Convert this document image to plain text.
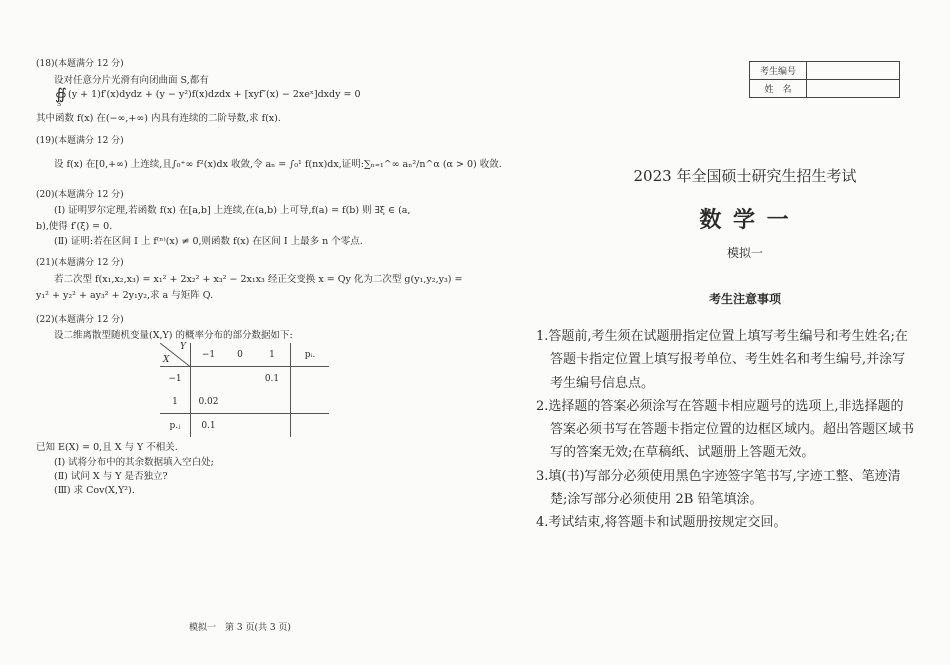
(18)(本题满分 12 分)
设对任意分片光滑有向闭曲面 S,都有
∯
S
(y + 1)f′(x)dydz + (y − y²)f(x)dzdx + [xyf″(x) − 2xeˣ]dxdy = 0
其中函数 f(x) 在(−∞,+∞) 内具有连续的二阶导数,求 f(x).
(19)(本题满分 12 分)
设 f(x) 在[0,+∞) 上连续,且∫₀⁺∞ f²(x)dx 收敛,令 aₙ = ∫₀¹ f(nx)dx,证明:∑ₙ₌₁^∞ aₙ²/n^α (α > 0) 收敛.
(20)(本题满分 12 分)
(Ⅰ) 证明罗尔定理,若函数 f(x) 在[a,b] 上连续,在(a,b) 上可导,f(a) = f(b) 则 ∃ξ ∈ (a,
b),使得 f′(ξ) = 0.
(Ⅱ) 证明:若在区间 I 上 f⁽ⁿ⁾(x) ≠ 0,则函数 f(x) 在区间 I 上最多 n 个零点.
(21)(本题满分 12 分)
若二次型 f(x₁,x₂,x₃) = x₁² + 2x₂² + x₃² − 2x₁x₃ 经正交变换 x = Qy 化为二次型 g(y₁,y₂,y₃) =
y₁² + y₂² + ay₃² + 2y₁y₂,求 a 与矩阵 Q.
(22)(本题满分 12 分)
设二维离散型随机变量(X,Y) 的概率分布的部分数据如下:
	−1	0	1	pᵢ.
−1			0.1	
1	0.02			
p.ⱼ	0.1			
Y
X
已知 E(X) = 0,且 X 与 Y 不相关.
(Ⅰ) 试将分布中的其余数据填入空白处;
(Ⅱ) 试问 X 与 Y 是否独立?
(Ⅲ) 求 Cov(X,Y²).
模拟一　第 3 页(共 3 页)
考生编号	
姓　名	
2023 年全国硕士研究生招生考试
数 学 一
模拟一
考生注意事项
1.答题前,考生须在试题册指定位置上填写考生编号和考生姓名;在答题卡指定位置上填写报考单位、考生姓名和考生编号,并涂写考生编号信息点。
2.选择题的答案必须涂写在答题卡相应题号的选项上,非选择题的答案必须书写在答题卡指定位置的边框区域内。超出答题区域书写的答案无效;在草稿纸、试题册上答题无效。
3.填(书)写部分必须使用黑色字迹签字笔书写,字迹工整、笔迹清楚;涂写部分必须使用 2B 铅笔填涂。
4.考试结束,将答题卡和试题册按规定交回。
